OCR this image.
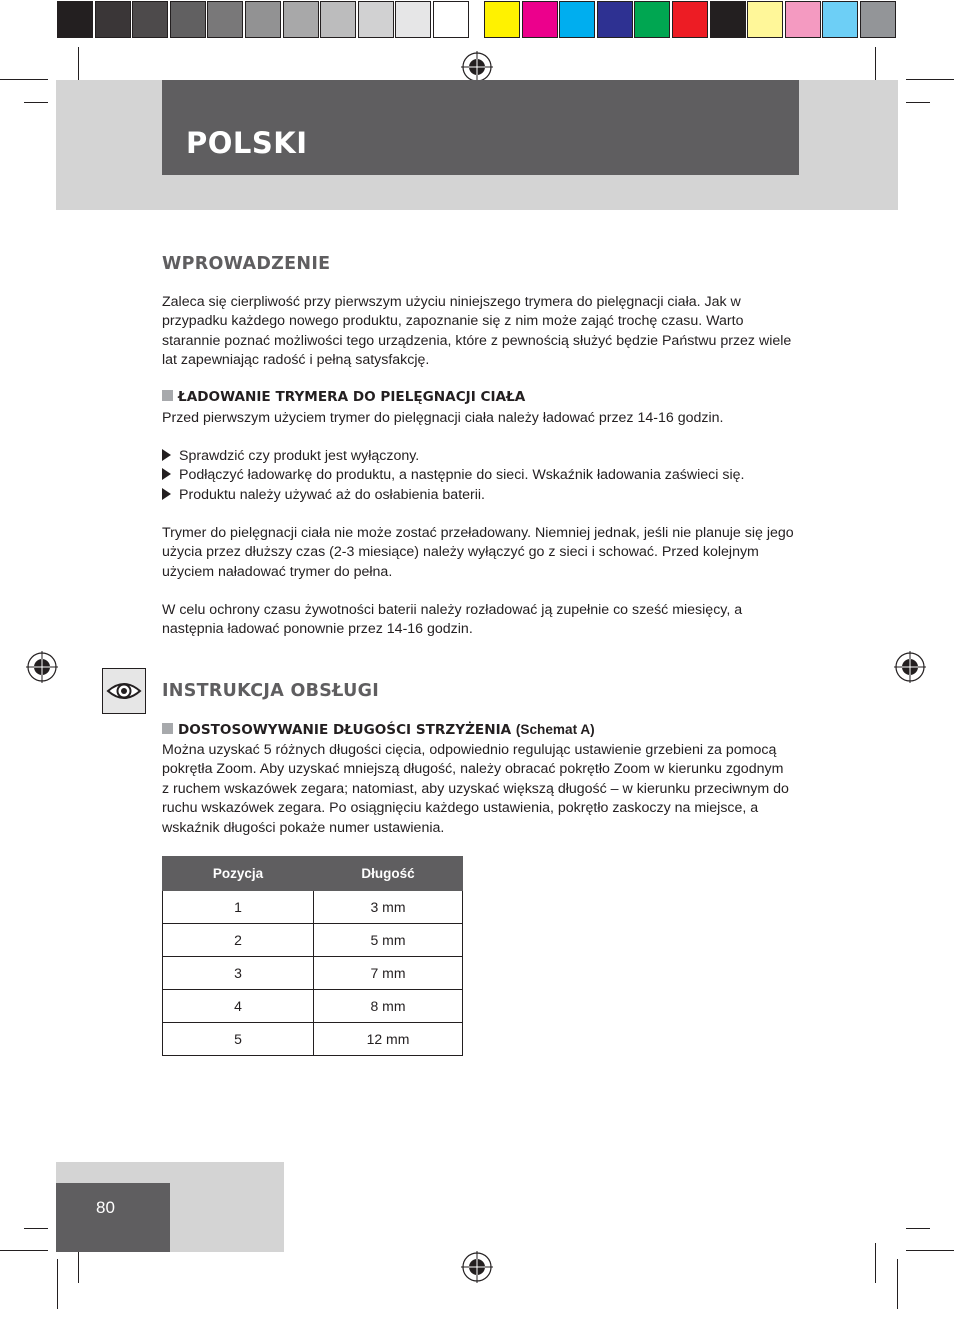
POLSKI
WPROWADZENIE

Zaleca się cierpliwość przy pierwszym użyciu niniejszego trymera do pielęgnacji ciała. Jak w przypadku każdego nowego produktu, zapoznanie się z nim może zająć trochę czasu. Warto starannie poznać możliwości tego urządzenia, które z pewnością służyć będzie Państwu przez wiele lat zapewniając radość i pełną satysfakcję.

ŁADOWANIE TRYMERA DO PIELĘGNACJI CIAŁA

Przed pierwszym użyciem trymer do pielęgnacji ciała należy ładować przez 14-16 godzin.

Sprawdzić czy produkt jest wyłączony.
Podłączyć ładowarkę do produktu, a następnie do sieci. Wskaźnik ładowania zaświeci się.
Produktu należy używać aż do osłabienia baterii.

Trymer do pielęgnacji ciała nie może zostać przeładowany. Niemniej jednak, jeśli nie planuje się jego użycia przez dłuższy czas (2-3 miesiące) należy wyłączyć go z sieci i schować. Przed kolejnym użyciem naładować trymer do pełna.

W celu ochrony czasu żywotności baterii należy rozładować ją zupełnie co sześć miesięcy, a następnia ładować ponownie przez 14-16 godzin.

INSTRUKCJA OBSŁUGI
DOSTOSOWYWANIE DŁUGOŚCI STRZYŻENIA (Schemat A)

Można uzyskać 5 różnych długości cięcia, odpowiednio regulując ustawienie grzebieni za pomocą pokrętła Zoom. Aby uzyskać mniejszą długość, należy obracać pokrętło Zoom w kierunku zgodnym z ruchem wskazówek zegara; natomiast, aby uzyskać większą długość – w kierunku przeciwnym do ruchu wskazówek zegara. Po osiągnięciu każdego ustawienia, pokrętło zaskoczy na miejsce, a wskaźnik długości pokaże numer ustawienia.

Pozycja	Długość
1	3 mm
2	5 mm
3	7 mm
4	8 mm
5	12 mm
80
